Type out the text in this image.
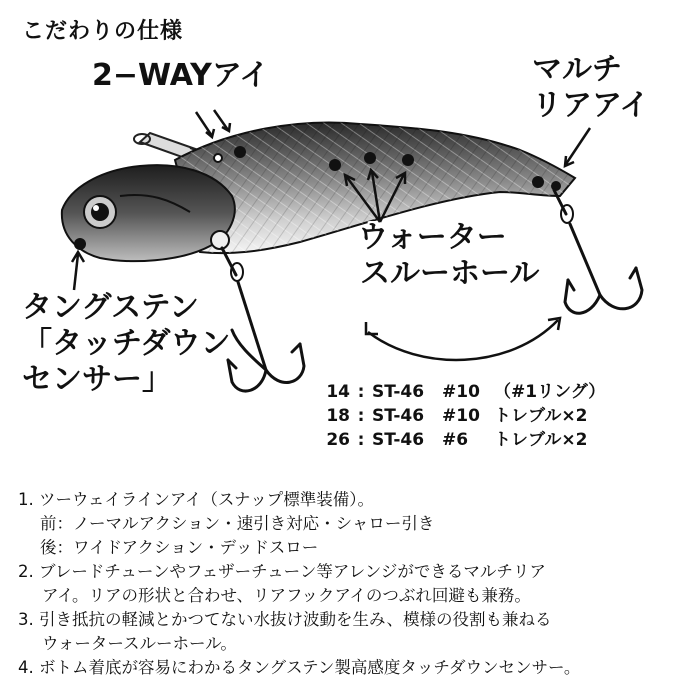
こだわりの仕様
2−WAYアイ	マルチ
リアアイ
ウォーター
スルーホール
タングステン
「タッチダウン
センサー」	14 : ST-46 #10 （#1リング）
18 : ST-46 #10 トレブル×2
26 : ST-46 #6 トレブル×2
1. ツーウェイラインアイ（スナップ標準装備）。
前：ノーマルアクション・速引き対応・シャロー引き
後：ワイドアクション・デッドスロー
2. ブレードチューンやフェザーチューン等アレンジができるマルチリア
アイ。リアの形状と合わせ、リアフックアイのつぶれ回避も兼務。
3. 引き抵抗の軽減とかつてない水抜け波動を生み、模様の役割も兼ねる
ウォータースルーホール。
4. ボトム着底が容易にわかるタングステン製高感度タッチダウンセンサー。
